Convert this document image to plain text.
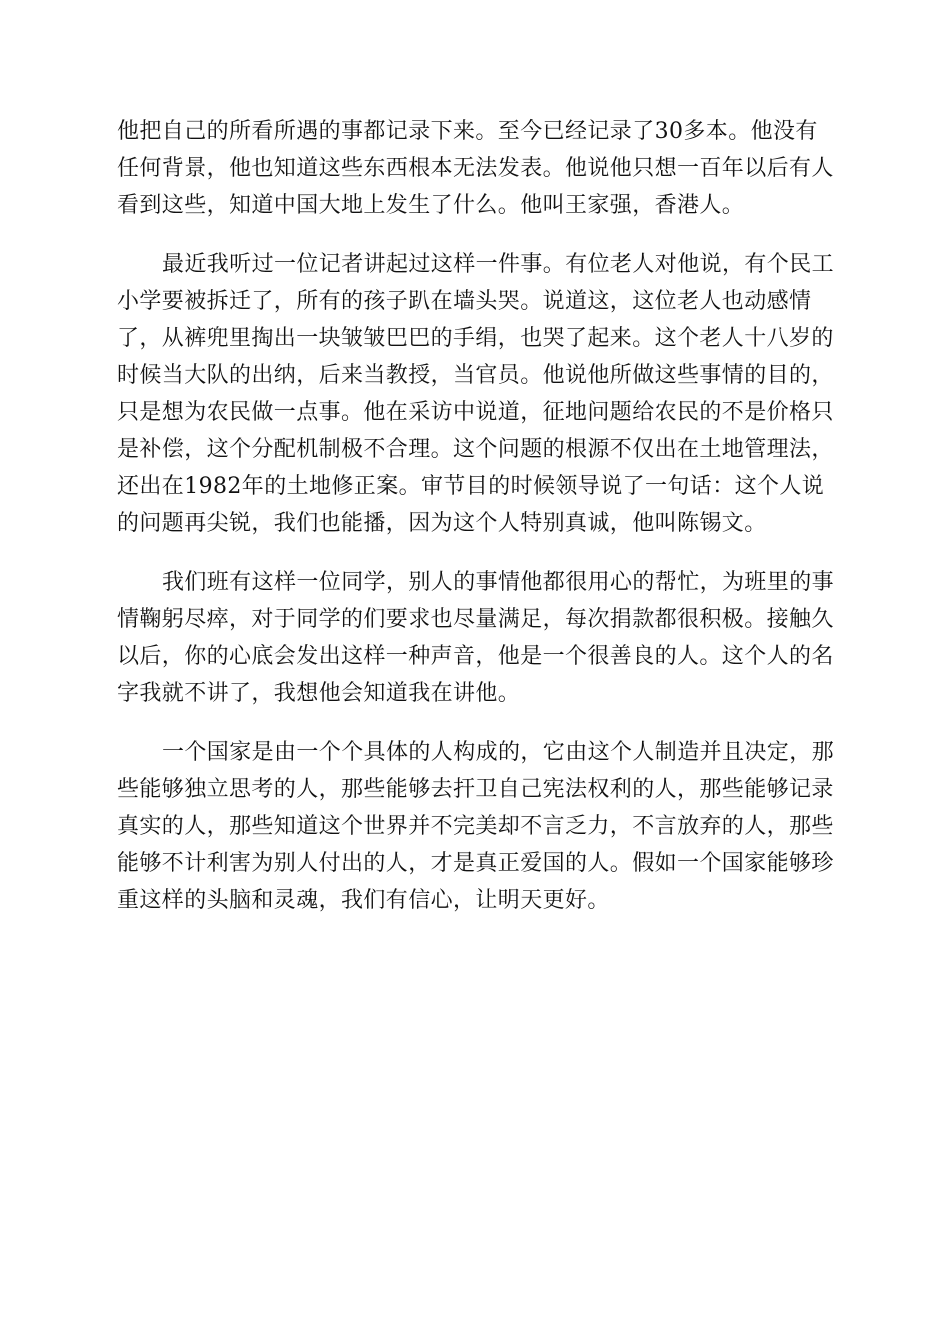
他把自己的所看所遇的事都记录下来。至今已经记录了30多本。他没有
任何背景，他也知道这些东西根本无法发表。他说他只想一百年以后有人
看到这些，知道中国大地上发生了什么。他叫王家强，香港人。
最近我听过一位记者讲起过这样一件事。有位老人对他说，有个民工
小学要被拆迁了，所有的孩子趴在墙头哭。说道这，这位老人也动感情
了，从裤兜里掏出一块皱皱巴巴的手绢，也哭了起来。这个老人十八岁的
时候当大队的出纳，后来当教授，当官员。他说他所做这些事情的目的，
只是想为农民做一点事。他在采访中说道，征地问题给农民的不是价格只
是补偿，这个分配机制极不合理。这个问题的根源不仅出在土地管理法，
还出在1982年的土地修正案。审节目的时候领导说了一句话：这个人说
的问题再尖锐，我们也能播，因为这个人特别真诚，他叫陈锡文。
我们班有这样一位同学，别人的事情他都很用心的帮忙，为班里的事
情鞠躬尽瘁，对于同学的们要求也尽量满足，每次捐款都很积极。接触久
以后，你的心底会发出这样一种声音，他是一个很善良的人。这个人的名
字我就不讲了，我想他会知道我在讲他。
一个国家是由一个个具体的人构成的，它由这个人制造并且决定，那
些能够独立思考的人，那些能够去扞卫自己宪法权利的人，那些能够记录
真实的人，那些知道这个世界并不完美却不言乏力，不言放弃的人，那些
能够不计利害为别人付出的人，才是真正爱国的人。假如一个国家能够珍
重这样的头脑和灵魂，我们有信心，让明天更好。
